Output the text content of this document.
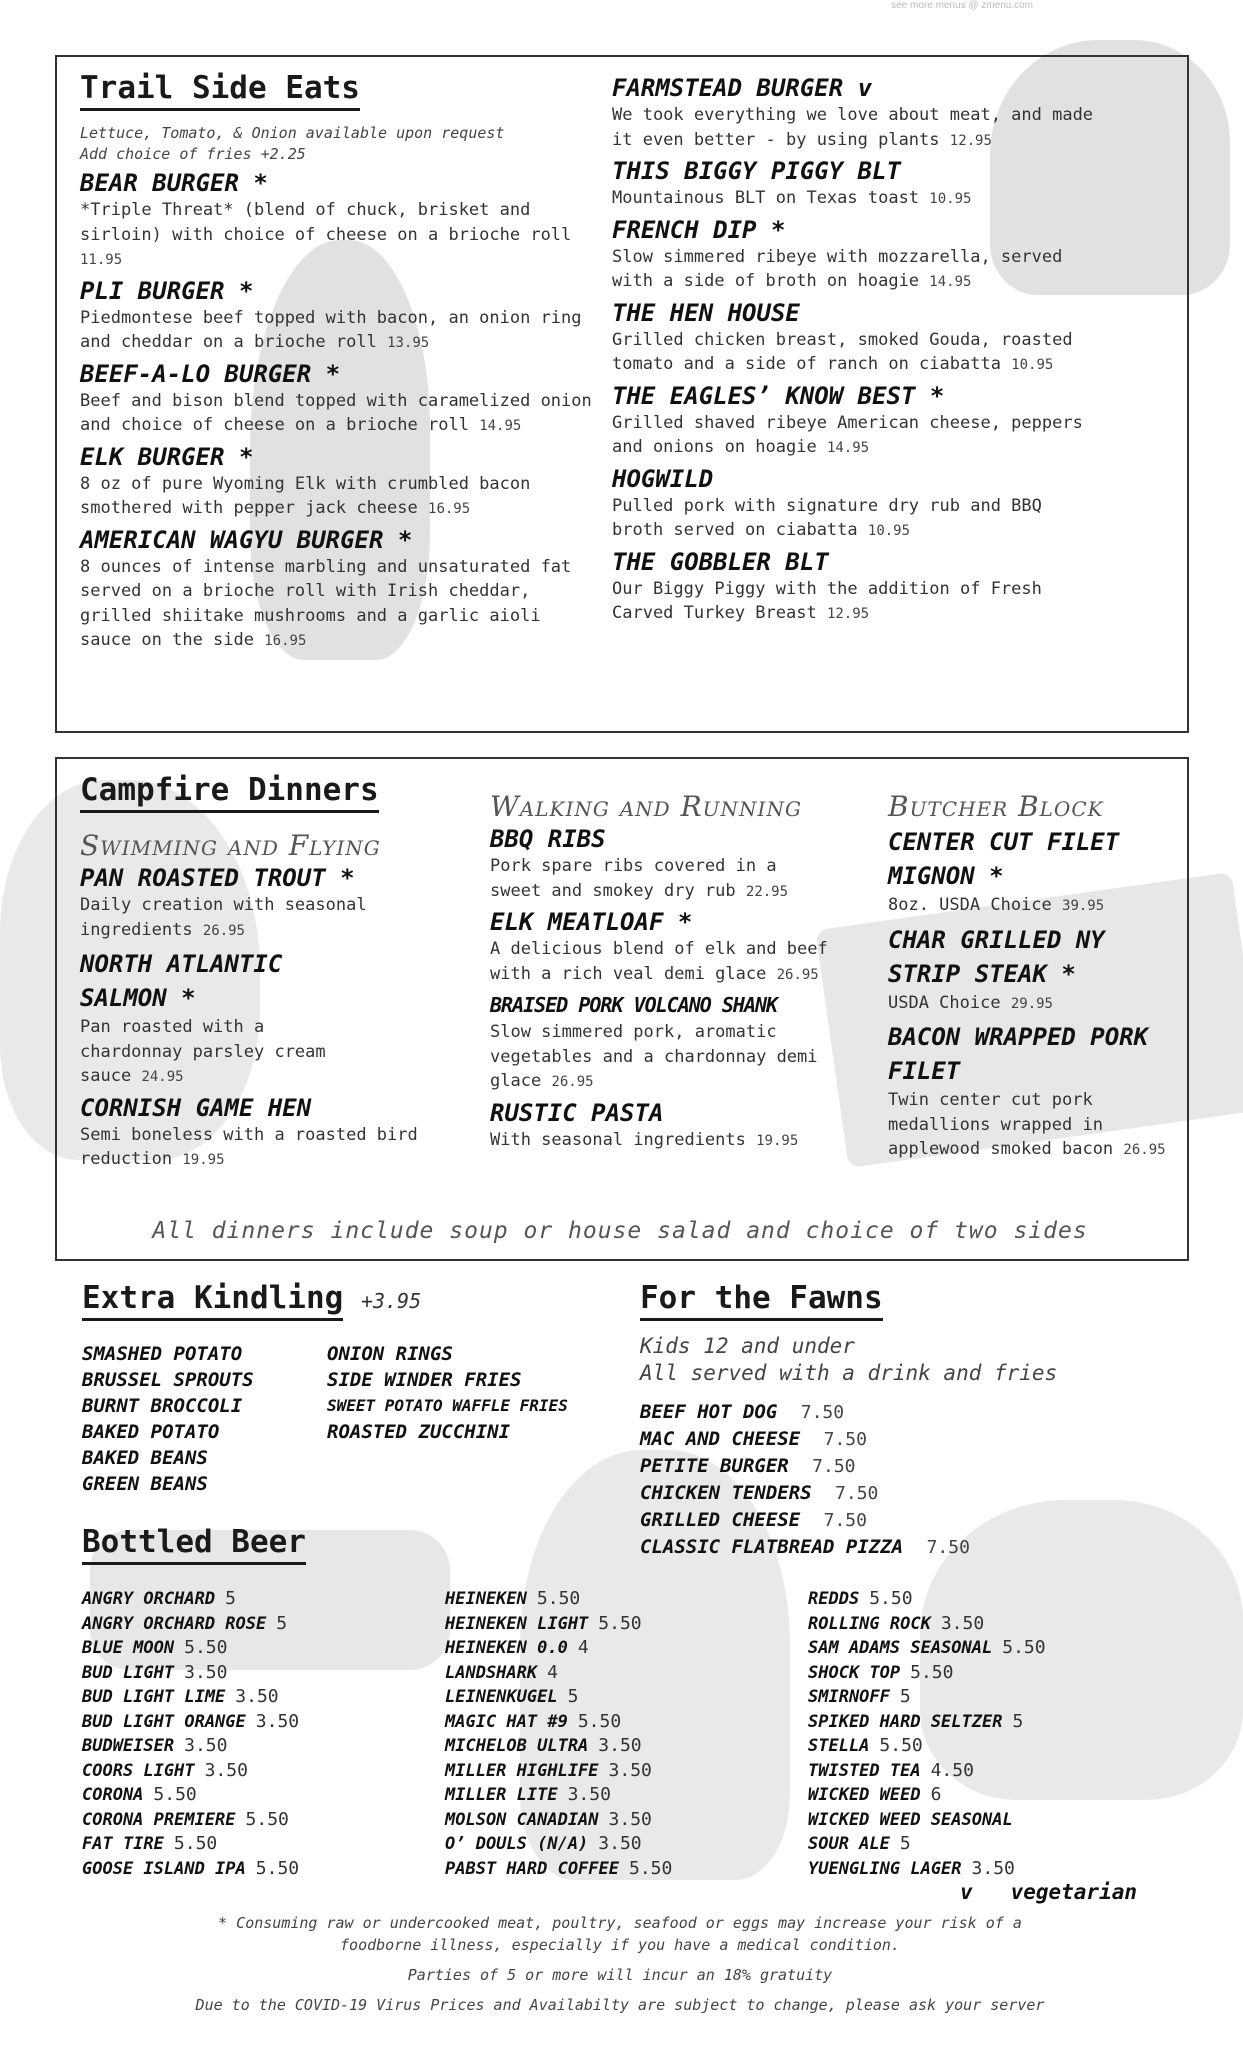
see more menus @ zmenu.com
Trail Side Eats
Lettuce, Tomato, & Onion available upon request
Add choice of fries +2.25
BEAR BURGER *
*Triple Threat* (blend of chuck, brisket and sirloin) with choice of cheese on a brioche roll 11.95
PLI BURGER *
Piedmontese beef topped with bacon, an onion ring and cheddar on a brioche roll 13.95
BEEF-A-LO BURGER *
Beef and bison blend topped with caramelized onion and choice of cheese on a brioche roll 14.95
ELK BURGER *
8 oz of pure Wyoming Elk with crumbled bacon smothered with pepper jack cheese 16.95
AMERICAN WAGYU BURGER *
8 ounces of intense marbling and unsaturated fat served on a brioche roll with Irish cheddar, grilled shiitake mushrooms and a garlic aioli sauce on the side 16.95
FARMSTEAD BURGER v
We took everything we love about meat, and made it even better - by using plants 12.95
THIS BIGGY PIGGY BLT
Mountainous BLT on Texas toast 10.95
FRENCH DIP *
Slow simmered ribeye with mozzarella, served with a side of broth on hoagie 14.95
THE HEN HOUSE
Grilled chicken breast, smoked Gouda, roasted tomato and a side of ranch on ciabatta 10.95
THE EAGLES’ KNOW BEST *
Grilled shaved ribeye American cheese, peppers and onions on hoagie 14.95
HOGWILD
Pulled pork with signature dry rub and BBQ broth served on ciabatta 10.95
THE GOBBLER BLT
Our Biggy Piggy with the addition of Fresh Carved Turkey Breast 12.95
Campfire Dinners
Swimming and Flying
PAN ROASTED TROUT *
Daily creation with seasonal ingredients 26.95
NORTH ATLANTIC SALMON *
Pan roasted with a chardonnay parsley cream sauce 24.95
CORNISH GAME HEN
Semi boneless with a roasted bird reduction 19.95
Walking and Running
BBQ RIBS
Pork spare ribs covered in a sweet and smokey dry rub 22.95
ELK MEATLOAF *
A delicious blend of elk and beef with a rich veal demi glace 26.95
BRAISED PORK VOLCANO SHANK
Slow simmered pork, aromatic vegetables and a chardonnay demi glace 26.95
RUSTIC PASTA
With seasonal ingredients 19.95
Butcher Block
CENTER CUT FILET MIGNON *
8oz. USDA Choice 39.95
CHAR GRILLED NY STRIP STEAK *
USDA Choice 29.95
BACON WRAPPED PORK FILET
Twin center cut pork medallions wrapped in applewood smoked bacon 26.95
All dinners include soup or house salad and choice of two sides
Extra Kindling +3.95
SMASHED POTATO
BRUSSEL SPROUTS
BURNT BROCCOLI
BAKED POTATO
BAKED BEANS
GREEN BEANS
ONION RINGS
SIDE WINDER FRIES
SWEET POTATO WAFFLE FRIES
ROASTED ZUCCHINI
For the Fawns
Kids 12 and under
All served with a drink and fries
BEEF HOT DOG 7.50
MAC AND CHEESE 7.50
PETITE BURGER 7.50
CHICKEN TENDERS 7.50
GRILLED CHEESE 7.50
CLASSIC FLATBREAD PIZZA 7.50
Bottled Beer
ANGRY ORCHARD 5
ANGRY ORCHARD ROSE 5
BLUE MOON 5.50
BUD LIGHT 3.50
BUD LIGHT LIME 3.50
BUD LIGHT ORANGE 3.50
BUDWEISER 3.50
COORS LIGHT 3.50
CORONA 5.50
CORONA PREMIERE 5.50
FAT TIRE 5.50
GOOSE ISLAND IPA 5.50
HEINEKEN 5.50
HEINEKEN LIGHT 5.50
HEINEKEN 0.0 4
LANDSHARK 4
LEINENKUGEL 5
MAGIC HAT #9 5.50
MICHELOB ULTRA 3.50
MILLER HIGHLIFE 3.50
MILLER LITE 3.50
MOLSON CANADIAN 3.50
O’ DOULS (N/A) 3.50
PABST HARD COFFEE 5.50
REDDS 5.50
ROLLING ROCK 3.50
SAM ADAMS SEASONAL 5.50
SHOCK TOP 5.50
SMIRNOFF 5
SPIKED HARD SELTZER 5
STELLA 5.50
TWISTED TEA 4.50
WICKED WEED 6
WICKED WEED SEASONAL
SOUR ALE 5
YUENGLING LAGER 3.50
v   vegetarian
* Consuming raw or undercooked meat, poultry, seafood or eggs may increase your risk of a
foodborne illness, especially if you have a medical condition.
Parties of 5 or more will incur an 18% gratuity
Due to the COVID-19 Virus Prices and Availabilty are subject to change, please ask your server
